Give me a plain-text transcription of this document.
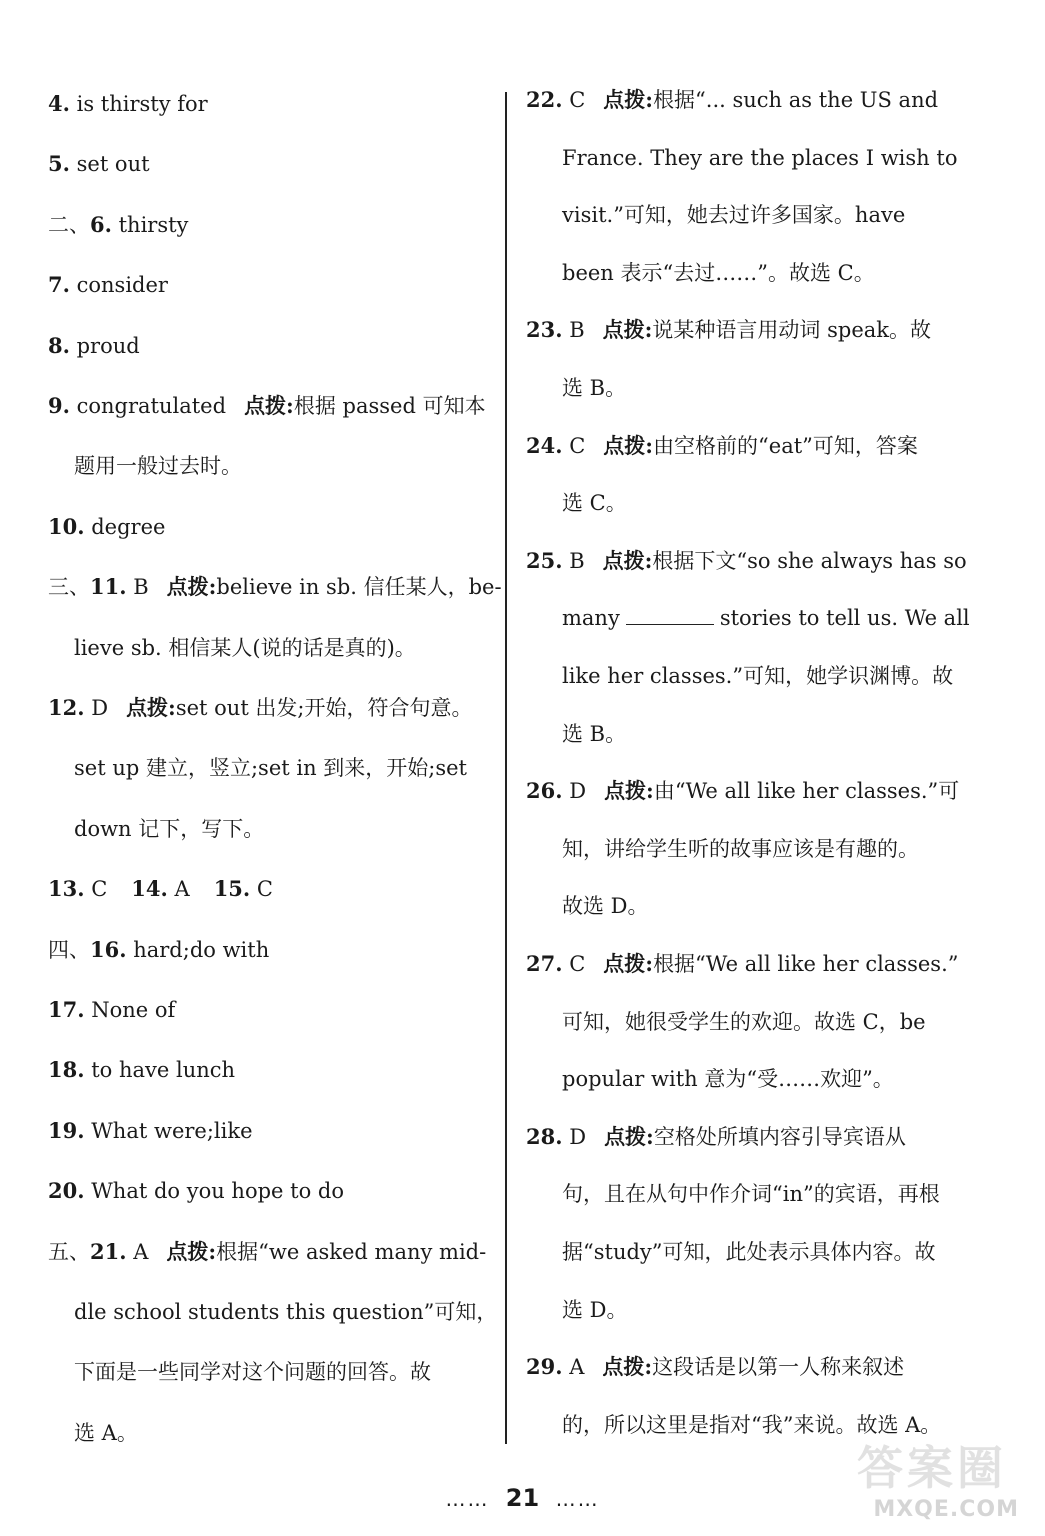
4. is thirsty for
5. set out
二、6. thirsty
7. consider
8. proud
9. congratulated 点拨:根据 passed 可知本
题用一般过去时。
10. degree
三、11. B 点拨:believe in sb. 信任某人，be-
lieve sb. 相信某人(说的话是真的)。
12. D 点拨:set out 出发;开始，符合句意。
set up 建立，竖立;set in 到来，开始;set
down 记下，写下。
13. C 14. A 15. C
四、16. hard;do with
17. None of
18. to have lunch
19. What were;like
20. What do you hope to do
五、21. A 点拨:根据“we asked many mid-
dle school students this question”可知，
下面是一些同学对这个问题的回答。故
选 A。
22. C 点拨:根据“... such as the US and
France. They are the places I wish to
visit.”可知，她去过许多国家。have
been 表示“去过……”。故选 C。
23. B 点拨:说某种语言用动词 speak。故
选 B。
24. C 点拨:由空格前的“eat”可知，答案
选 C。
25. B 点拨:根据下文“so she always has so
many	stories to tell us. We all
like her classes.”可知，她学识渊博。故
选 B。
26. D 点拨:由“We all like her classes.”可
知，讲给学生听的故事应该是有趣的。
故选 D。
27. C 点拨:根据“We all like her classes.”
可知，她很受学生的欢迎。故选 C，be
popular with 意为“受……欢迎”。
28. D 点拨:空格处所填内容引导宾语从
句，且在从句中作介词“in”的宾语，再根
据“study”可知，此处表示具体内容。故
选 D。
29. A 点拨:这段话是以第一人称来叙述
的，所以这里是指对“我”来说。故选 A。
…… 21 ……
答案圈
MXQE.COM
